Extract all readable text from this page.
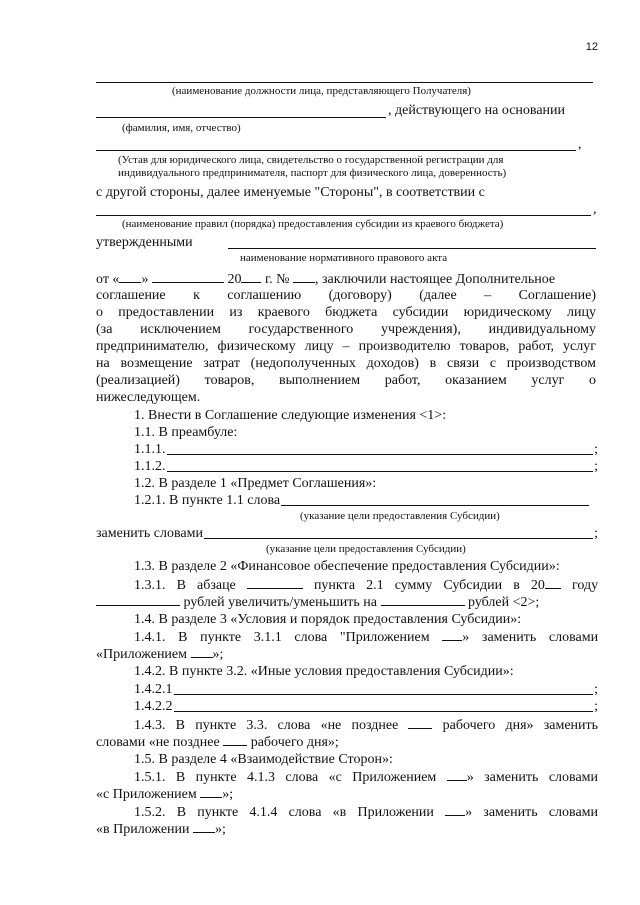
12
(наименование должности лица, представляющего Получателя)
, действующего на основании
(фамилия, имя, отчество)
,
(Устав для юридического лица, свидетельство о государственной регистрации для
индивидуального предпринимателя, паспорт для физического лица, доверенность)
с другой стороны, далее именуемые "Стороны", в соответствии с
,
(наименование правил (порядка) предоставления субсидии из краевого бюджета)
утвержденными
наименование нормативного правового акта
от « »	20 г. № , заключили настоящее Дополнительное
соглашение к соглашению (договору) (далее – Соглашение)
о предоставлении из краевого бюджета субсидии юридическому лицу
(за исключением государственного учреждения), индивидуальному
предпринимателю, физическому лицу – производителю товаров, работ, услуг
на возмещение затрат (недополученных доходов) в связи с производством
(реализацией) товаров, выполнением работ, оказанием услуг о
нижеследующем.
1. Внести в Соглашение следующие изменения <1>:
1.1. В преамбуле:
1.1.1.	;
1.1.2.	;
1.2. В разделе 1 «Предмет Соглашения»:
1.2.1. В пункте 1.1 слова
(указание цели предоставления Субсидии)
заменить словами	;
(указание цели предоставления Субсидии)
1.3. В разделе 2 «Финансовое обеспечение предоставления Субсидии»:
1.3.1. В абзаце	пункта 2.1 сумму Субсидии в 20 году
рублей увеличить/уменьшить на	рублей <2>;
1.4. В разделе 3 «Условия и порядок предоставления Субсидии»:
1.4.1. В пункте 3.1.1 слова "Приложением » заменить словами
«Приложением »;
1.4.2. В пункте 3.2. «Иные условия предоставления Субсидии»:
1.4.2.1	;
1.4.2.2	;
1.4.3. В пункте 3.3. слова «не позднее	рабочего дня» заменить
словами «не позднее рабочего дня»;
1.5. В разделе 4 «Взаимодействие Сторон»:
1.5.1. В пункте 4.1.3 слова «с Приложением » заменить словами
«с Приложением »;
1.5.2. В пункте 4.1.4 слова «в Приложении » заменить словами
«в Приложении »;
